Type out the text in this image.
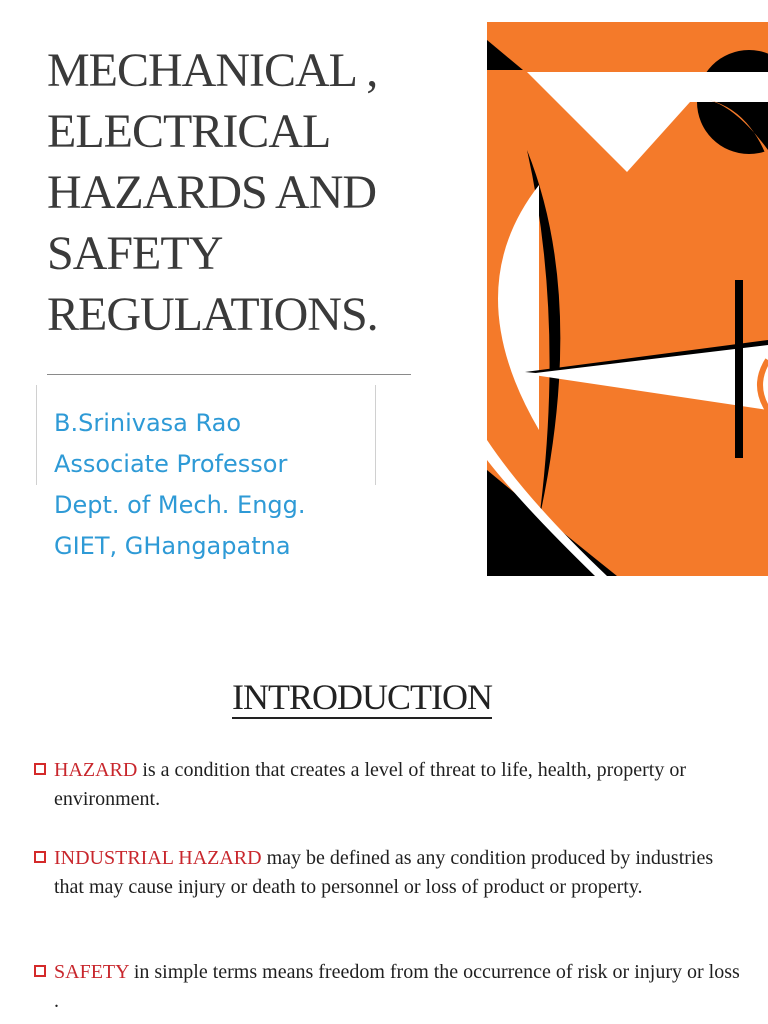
MECHANICAL ,
ELECTRICAL
HAZARDS AND
SAFETY
REGULATIONS.
B.Srinivasa Rao
Associate Professor
Dept. of Mech. Engg.
GIET, GHangapatna
INTRODUCTION
HAZARD is a condition that creates a level of threat to life, health, property or environment.
INDUSTRIAL HAZARD may be defined as any condition produced by industries that may cause injury or death to personnel or loss of product or property.
SAFETY in simple terms means freedom from the occurrence of risk or injury or loss .
